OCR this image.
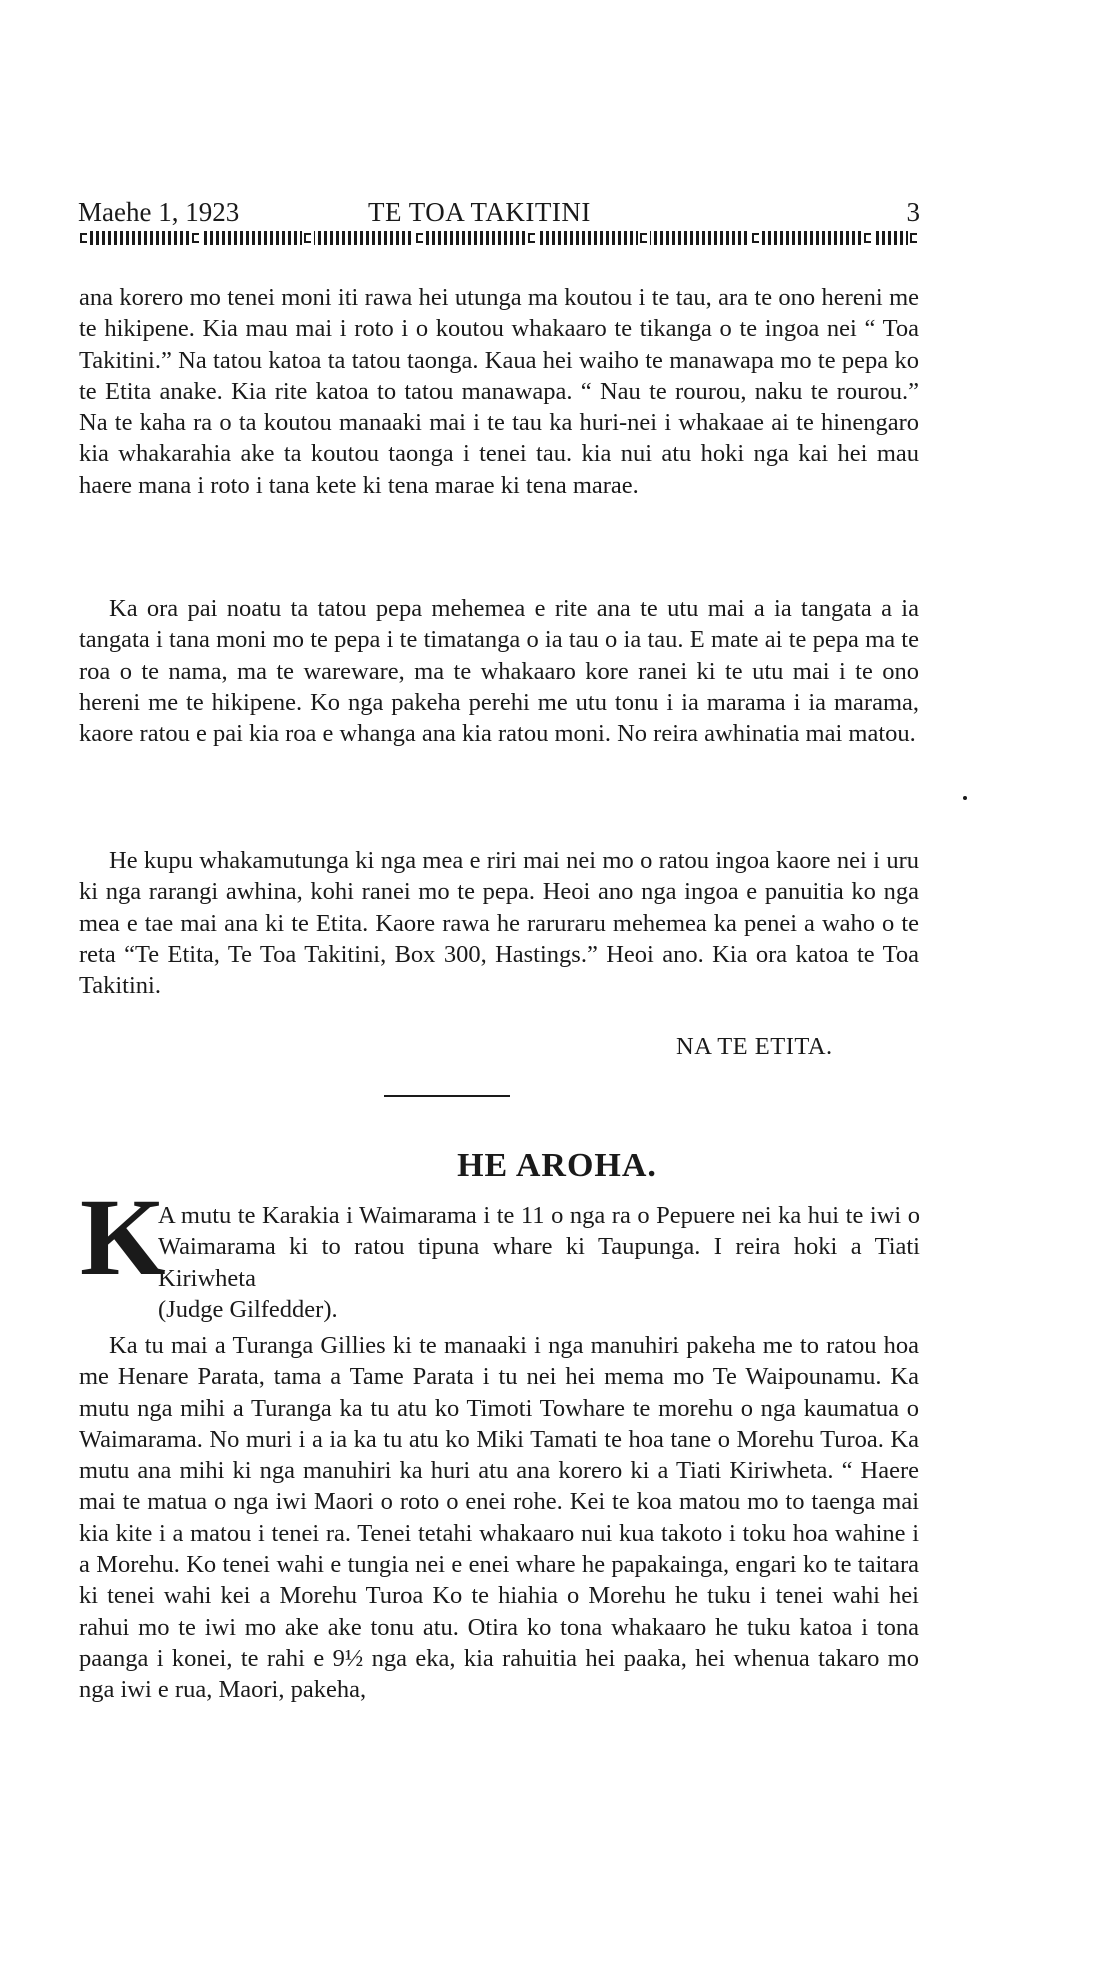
Maehe 1, 1923	TE TOA TAKITINI	3

ana korero mo tenei moni iti rawa hei utunga ma koutou i te tau, ara te ono hereni me te hikipene. Kia mau mai i roto i o koutou whakaaro te tikanga o te ingoa nei “ Toa Takitini.” Na tatou katoa ta tatou taonga. Kaua hei waiho te manawapa mo te pepa ko te Etita anake. Kia rite katoa to tatou manawapa. “ Nau te rourou, naku te rourou.” Na te kaha ra o ta koutou manaaki mai i te tau ka huri-nei i whakaae ai te hinengaro kia whakarahia ake ta koutou taonga i tenei tau. kia nui atu hoki nga kai hei mau haere mana i roto i tana kete ki tena marae ki tena marae.

Ka ora pai noatu ta tatou pepa mehemea e rite ana te utu mai a ia tangata a ia tangata i tana moni mo te pepa i te timatanga o ia tau o ia tau. E mate ai te pepa ma te roa o te nama, ma te wareware, ma te whakaaro kore ranei ki te utu mai i te ono hereni me te hikipene. Ko nga pakeha perehi me utu tonu i ia marama i ia marama, kaore ratou e pai kia roa e whanga ana kia ratou moni. No reira awhinatia mai matou.

He kupu whakamutunga ki nga mea e riri mai nei mo o ratou ingoa kaore nei i uru ki nga rarangi awhina, kohi ranei mo te pepa. Heoi ano nga ingoa e panuitia ko nga mea e tae mai ana ki te Etita. Kaore rawa he raruraru mehemea ka penei a waho o te reta “Te Etita, Te Toa Takitini, Box 300, Hastings.” Heoi ano. Kia ora katoa te Toa Takitini.

NA TE ETITA.
HE AROHA.
K

A mutu te Karakia i Waimarama i te 11 o nga ra o Pepuere nei ka hui te iwi o Waimarama ki to ratou tipuna whare ki Taupunga. I reira hoki a Tiati Kiriwheta

(Judge Gilfedder).

Ka tu mai a Turanga Gillies ki te manaaki i nga manuhiri pakeha me to ratou hoa me Henare Parata, tama a Tame Parata i tu nei hei mema mo Te Waipounamu. Ka mutu nga mihi a Turanga ka tu atu ko Timoti Towhare te morehu o nga kaumatua o Waimarama. No muri i a ia ka tu atu ko Miki Tamati te hoa tane o Morehu Turoa. Ka mutu ana mihi ki nga manuhiri ka huri atu ana korero ki a Tiati Kiriwheta. “ Haere mai te matua o nga iwi Maori o roto o enei rohe. Kei te koa matou mo to taenga mai kia kite i a matou i tenei ra. Tenei tetahi whakaaro nui kua takoto i toku hoa wahine i a Morehu. Ko tenei wahi e tungia nei e enei whare he papakainga, engari ko te taitara ki tenei wahi kei a Morehu Turoa Ko te hiahia o Morehu he tuku i tenei wahi hei rahui mo te iwi mo ake ake tonu atu. Otira ko tona whakaaro he tuku katoa i tona paanga i konei, te rahi e 9½ nga eka, kia rahuitia hei paaka, hei whenua takaro mo nga iwi e rua, Maori, pakeha,
